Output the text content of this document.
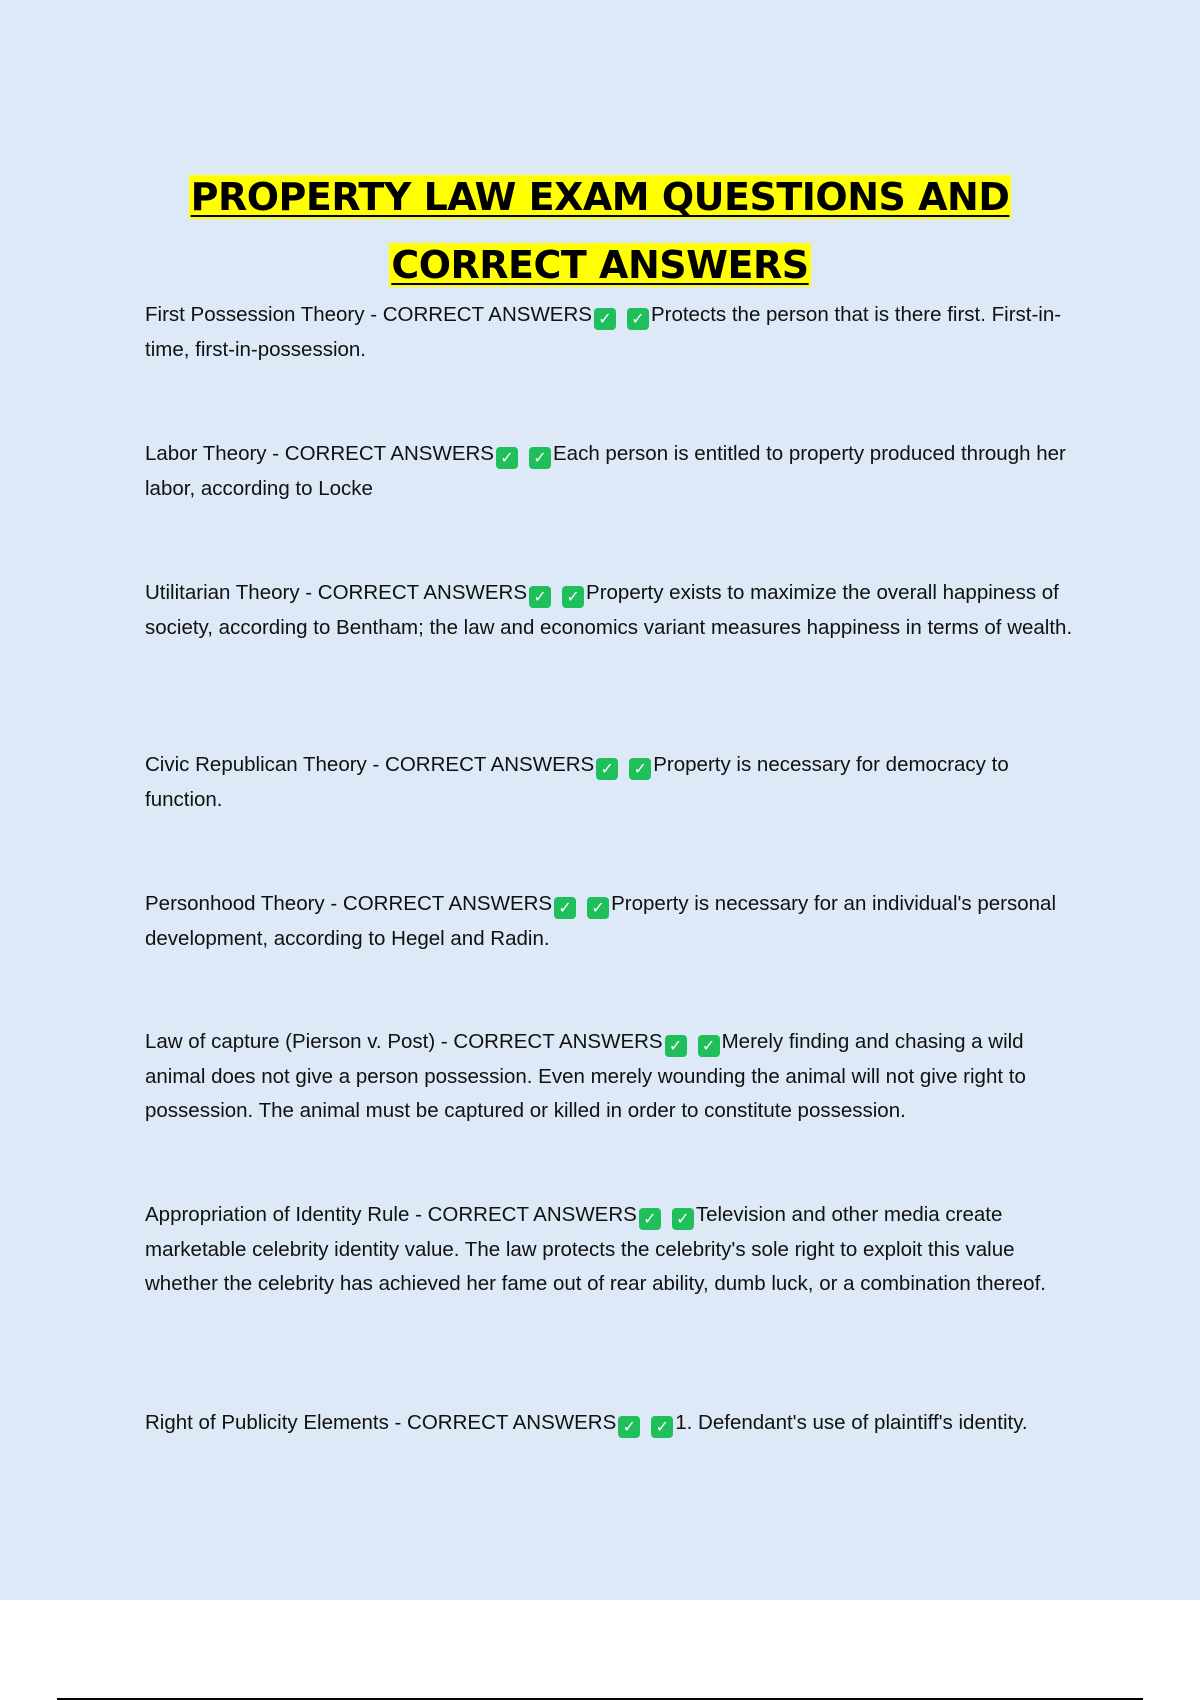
PROPERTY LAW EXAM QUESTIONS AND
CORRECT ANSWERS

First Possession Theory - CORRECT ANSWERS ✓ ✓ Protects the person that is there first. First-in-time, first-in-possession.

Labor Theory - CORRECT ANSWERS ✓ ✓ Each person is entitled to property produced through her labor, according to Locke

Utilitarian Theory - CORRECT ANSWERS ✓ ✓ Property exists to maximize the overall happiness of society, according to Bentham; the law and economics variant measures happiness in terms of wealth.

Civic Republican Theory - CORRECT ANSWERS ✓ ✓ Property is necessary for democracy to function.

Personhood Theory - CORRECT ANSWERS ✓ ✓ Property is necessary for an individual's personal development, according to Hegel and Radin.

Law of capture (Pierson v. Post) - CORRECT ANSWERS ✓ ✓ Merely finding and chasing a wild animal does not give a person possession. Even merely wounding the animal will not give right to possession. The animal must be captured or killed in order to constitute possession.

Appropriation of Identity Rule - CORRECT ANSWERS ✓ ✓ Television and other media create marketable celebrity identity value. The law protects the celebrity's sole right to exploit this value whether the celebrity has achieved her fame out of rear ability, dumb luck, or a combination thereof.

Right of Publicity Elements - CORRECT ANSWERS ✓ ✓ 1. Defendant's use of plaintiff's identity.
